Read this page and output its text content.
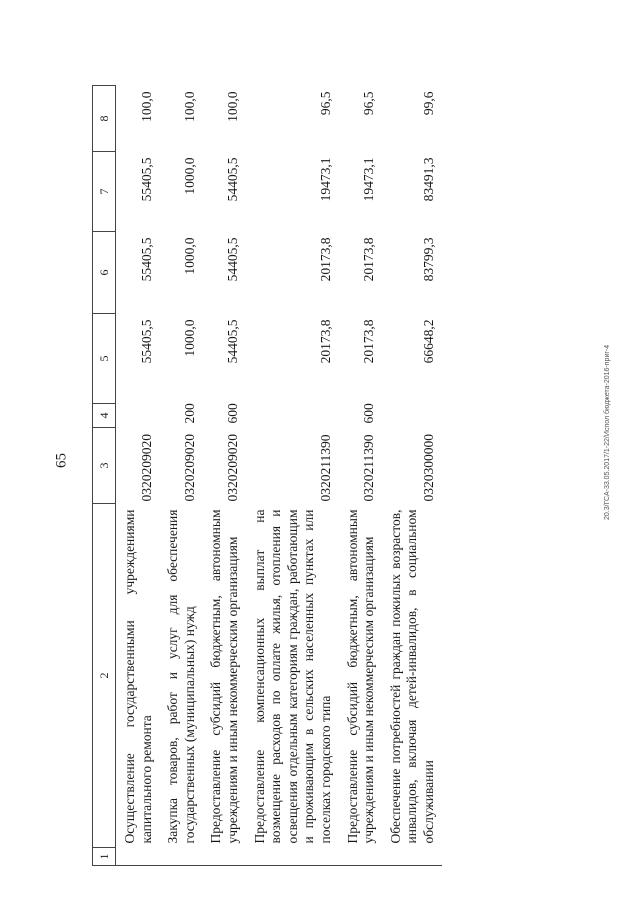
65
1	2	3	4	5	6	7	8
	Осуществление государственными учреждениями капитального ремонта	0320209020		55405,5	55405,5	55405,5	100,0
	Закупка товаров, работ и услуг для обеспечения государственных (муниципальных) нужд	0320209020	200	1000,0	1000,0	1000,0	100,0
	Предоставление субсидий бюджетным, автономным учреждениям и иным некоммерческим организациям	0320209020	600	54405,5	54405,5	54405,5	100,0
	Предоставление компенсационных выплат на возмещение расходов по оплате жилья, отопления и освещения отдельным категориям граждан, работающим и проживающим в сельских населенных пунктах или поселках городского типа	0320211390		20173,8	20173,8	19473,1	96,5
	Предоставление субсидий бюджетным, автономным учреждениям и иным некоммерческим организациям	0320211390	600	20173,8	20173,8	19473,1	96,5
	Обеспечение потребностей граждан пожилых возрастов, инвалидов, включая детей-инвалидов, в социальном обслуживании	0320300000		66648,2	83799,3	83491,3	99,6
20.3/ГСА-33.05.2017/1-22/Испол бюджета-2016-приг-4
